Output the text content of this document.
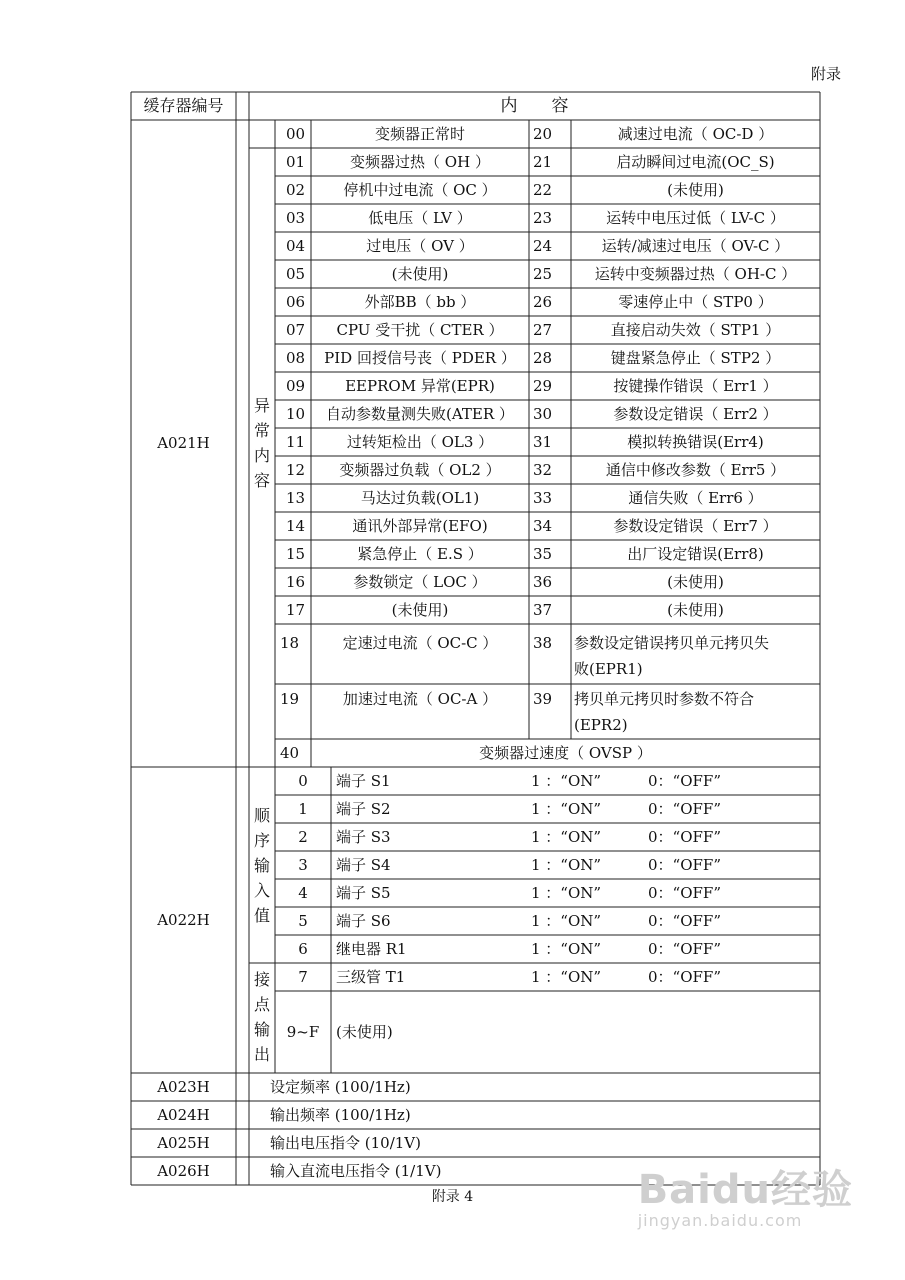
附录
缓存器编号	内　　容
A021H
异常内容
00	变频器正常时	20	减速过电流（ OC-D ）
01	变频器过热（ OH ）	21	启动瞬间过电流(OC_S)
02	停机中过电流（ OC ）	22	(未使用)
03	低电压（ LV ）	23	运转中电压过低（ LV-C ）
04	过电压（ OV ）	24	运转/减速过电压（ OV-C ）
05	(未使用)	25	运转中变频器过热（ OH-C ）
06	外部BB（ bb ）	26	零速停止中（ STP0 ）
07	CPU 受干扰（ CTER ）	27	直接启动失效（ STP1 ）
08	PID 回授信号丧（ PDER ）	28	键盘紧急停止（ STP2 ）
09	EEPROM 异常(EPR)	29	按键操作错误（ Err1 ）
10	自动参数量测失败(ATER ）	30	参数设定错误（ Err2 ）
11	过转矩检出（ OL3 ）	31	模拟转换错误(Err4)
12	变频器过负载（ OL2 ）	32	通信中修改参数（ Err5 ）
13	马达过负载(OL1)	33	通信失败（ Err6 ）
14	通讯外部异常(EFO)	34	参数设定错误（ Err7 ）
15	紧急停止（ E.S ）	35	出厂设定错误(Err8)
16	参数锁定（ LOC ）	36	(未使用)
17	(未使用)	37	(未使用)
18	定速过电流（ OC-C ）	38 参数设定错误拷贝单元拷贝失
败(EPR1)
19	加速过电流（ OC-A ）	39 拷贝单元拷贝时参数不符合
(EPR2)
40	变频器过速度（ OVSP ）
A022H
顺序输入值
接点输出
0	端子 S1	1 ：“ON”	0：“OFF”
1	端子 S2	1 ：“ON”	0：“OFF”
2	端子 S3	1 ：“ON”	0：“OFF”
3	端子 S4	1 ：“ON”	0：“OFF”
4	端子 S5	1 ：“ON”	0：“OFF”
5	端子 S6	1 ：“ON”	0：“OFF”
6	继电器 R1	1 ：“ON”	0：“OFF”
7	三级管 T1	1 ：“ON”	0：“OFF”
9~F	(未使用)
A023H	设定频率 (100/1Hz)
A024H	输出频率 (100/1Hz)
A025H	输出电压指令 (10/1V)
A026H	输入直流电压指令 (1/1V)
附录 4	Baidu经验
jingyan.baidu.com
